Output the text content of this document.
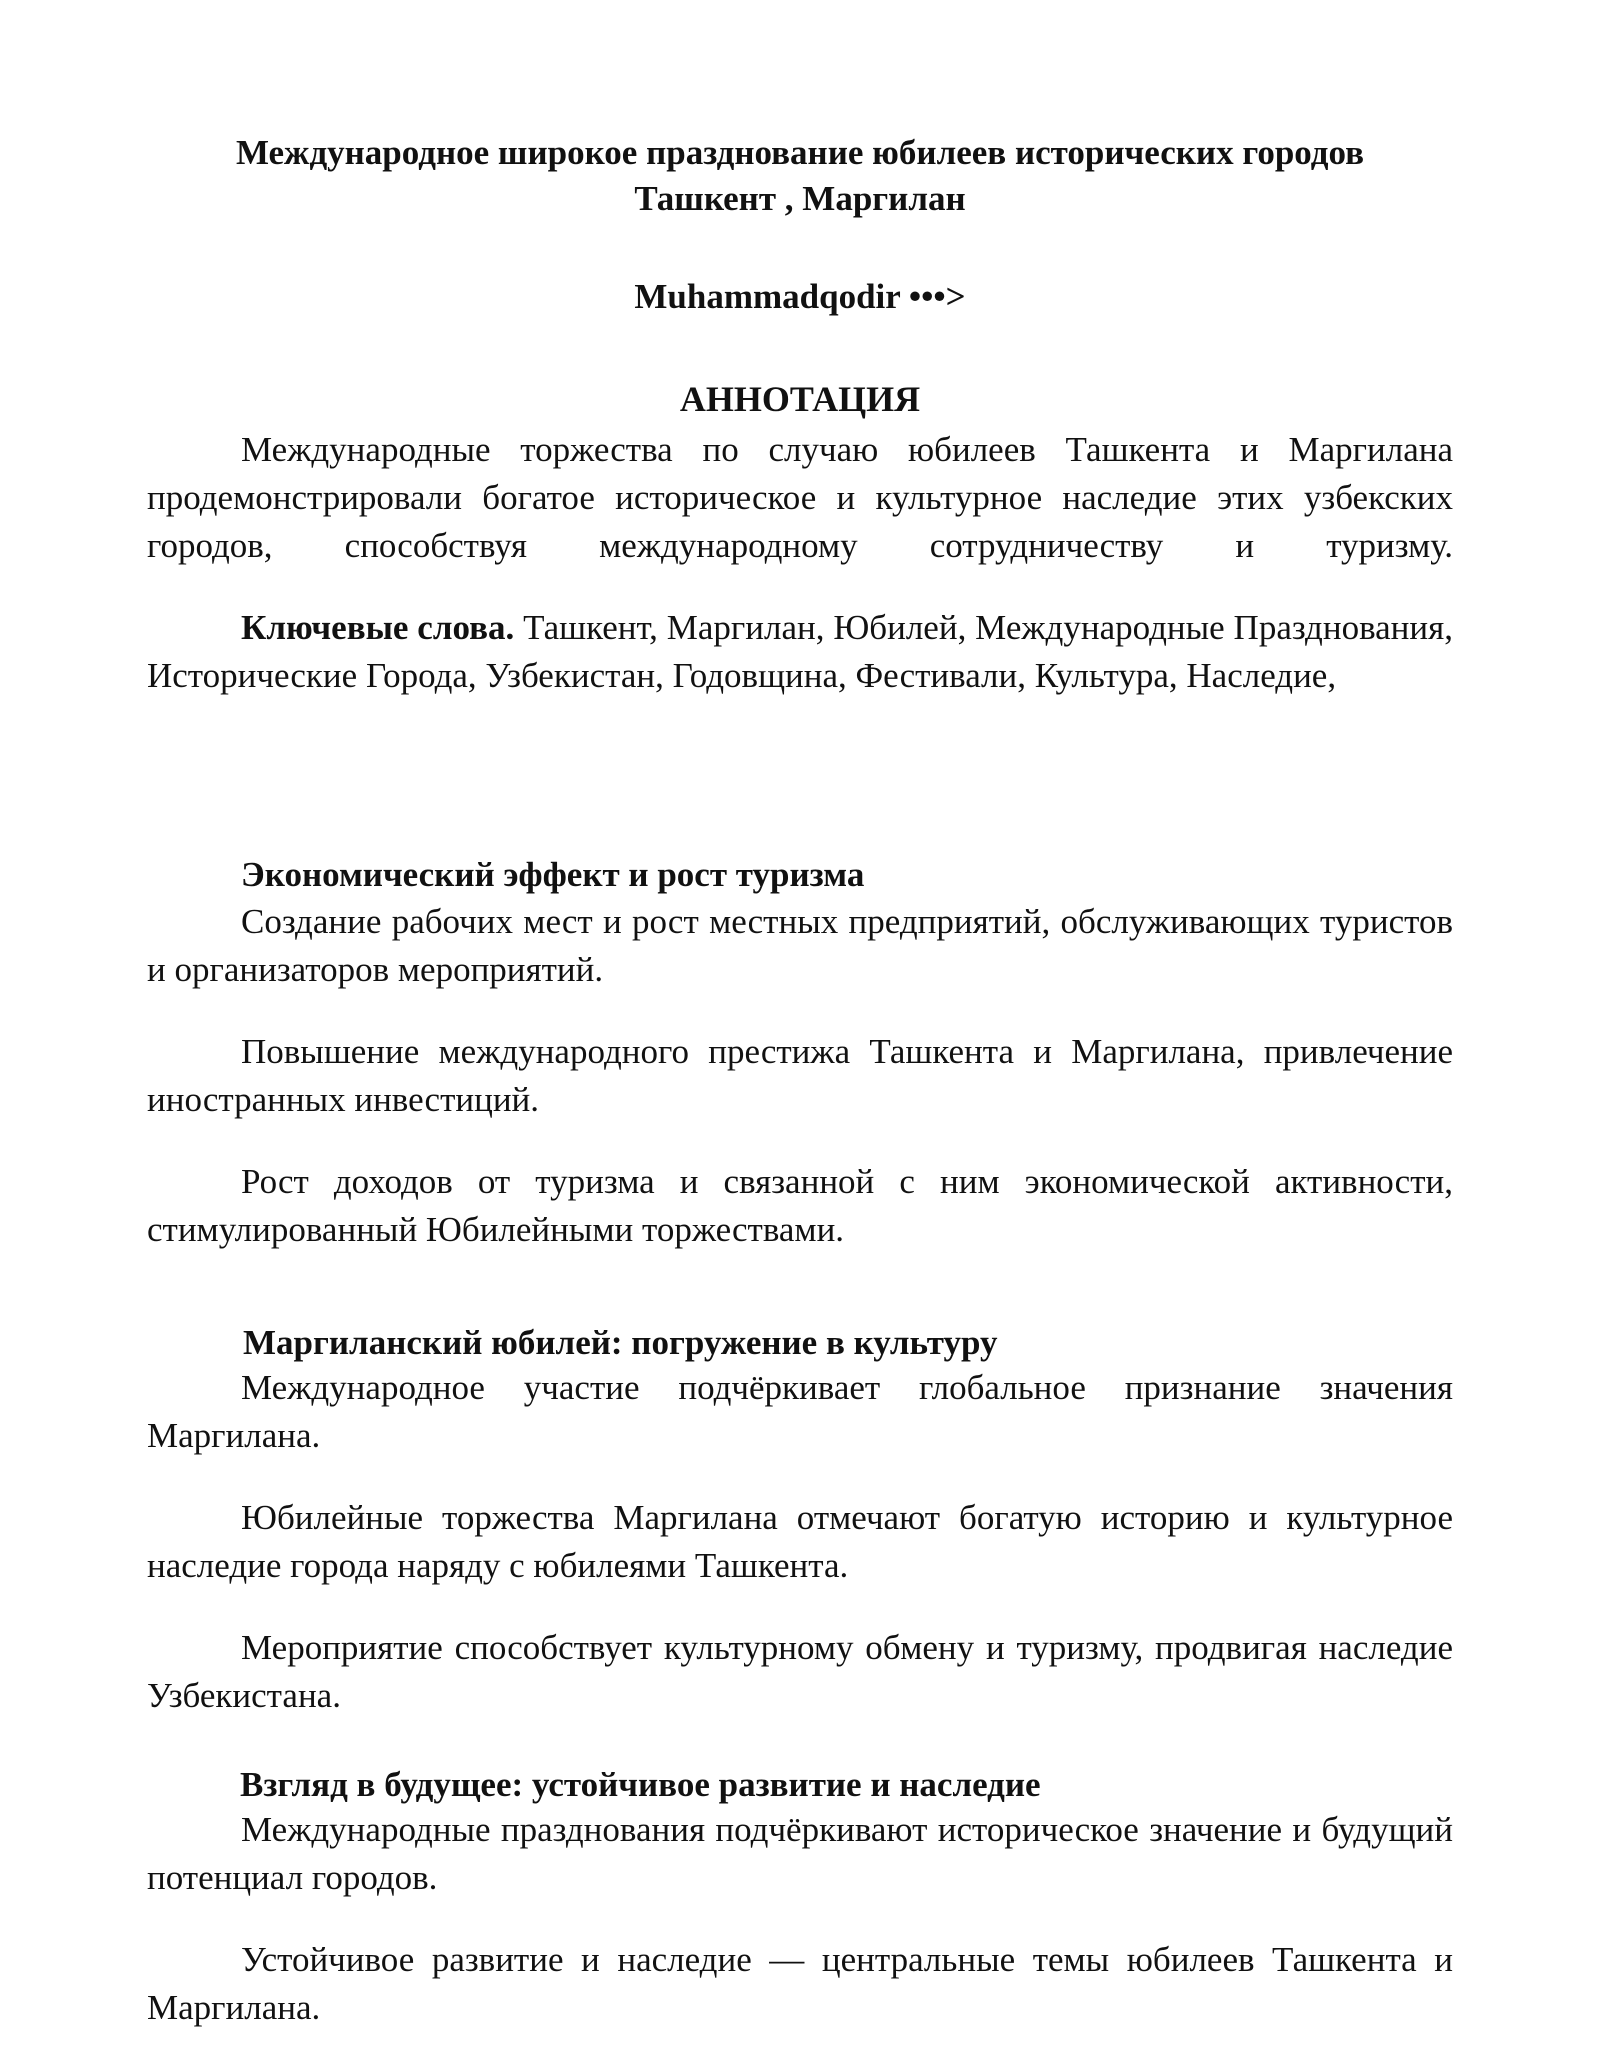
Международное широкое празднование юбилеев исторических городов
Ташкент , Маргилан
Muhammadqodir •••>
АННОТАЦИЯ

Международные торжества по случаю юбилеев Ташкента и Маргилана продемонстрировали богатое историческое и культурное наследие этих узбекских городов, способствуя международному сотрудничеству и туризму.

Ключевые слова. Ташкент, Маргилан, Юбилей, Международные Празднования, Исторические Города, Узбекистан, Годовщина, Фестивали, Культура, Наследие,

Экономический эффект и рост туризма

Создание рабочих мест и рост местных предприятий, обслуживающих туристов и организаторов мероприятий.

Повышение международного престижа Ташкента и Маргилана, привлечение иностранных инвестиций.

Рост доходов от туризма и связанной с ним экономической активности, стимулированный Юбилейными торжествами.

Маргиланский юбилей: погружение в культуру

Международное участие подчёркивает глобальное признание значения Маргилана.

Юбилейные торжества Маргилана отмечают богатую историю и культурное наследие города наряду с юбилеями Ташкента.

Мероприятие способствует культурному обмену и туризму, продвигая наследие Узбекистана.

Взгляд в будущее: устойчивое развитие и наследие

Международные празднования подчёркивают историческое значение и будущий потенциал городов.

Устойчивое развитие и наследие — центральные темы юбилеев Ташкента и Маргилана.
